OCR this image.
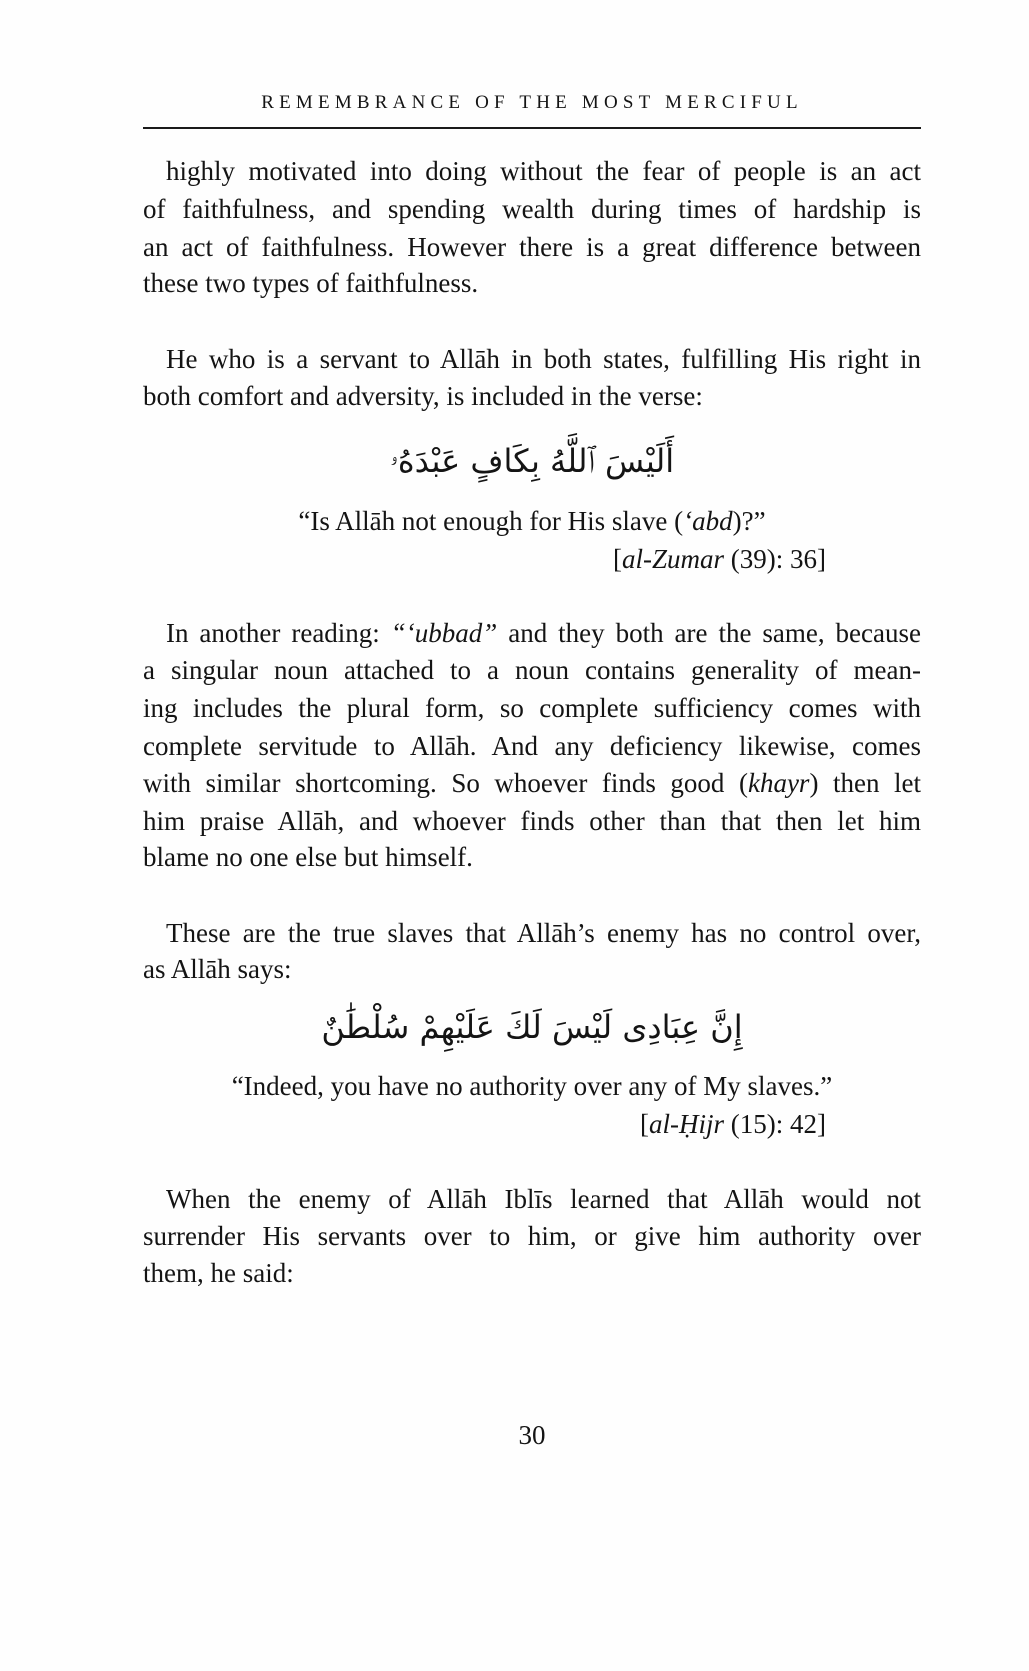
REMEMBRANCE OF THE MOST MERCIFUL
highly motivated into doing without the fear of people is an act
of faithfulness, and spending wealth during times of hardship is
an act of faithfulness. However there is a great difference between
these two types of faithfulness.
He who is a servant to Allāh in both states, fulfilling His right in
both comfort and adversity, is included in the verse:
أَلَيْسَ ٱللَّهُ بِكَافٍ عَبْدَهُۥ
“Is Allāh not enough for His slave (‘abd)?”
[al-Zumar (39): 36]
In another reading: “‘ubbad” and they both are the same, because
a singular noun attached to a noun contains generality of mean-
ing includes the plural form, so complete sufficiency comes with
complete servitude to Allāh. And any deficiency likewise, comes
with similar shortcoming. So whoever finds good (khayr) then let
him praise Allāh, and whoever finds other than that then let him
blame no one else but himself.
These are the true slaves that Allāh’s enemy has no control over,
as Allāh says:
إِنَّ عِبَادِى لَيْسَ لَكَ عَلَيْهِمْ سُلْطَٰنٌ
“Indeed, you have no authority over any of My slaves.”
[al-Ḥijr (15): 42]
When the enemy of Allāh Iblīs learned that Allāh would not
surrender His servants over to him, or give him authority over
them, he said:
30
